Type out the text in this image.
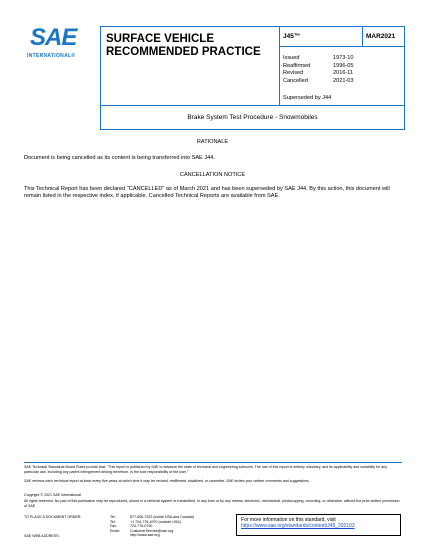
SAE
INTERNATIONAL®
SURFACE VEHICLE
RECOMMENDED PRACTICE
J45™	MAR2021
Issued	1973-10
Reaffirmed	1996-05
Revised	2016-11
Cancelled	2021-03
Superseded by J44
Brake System Test Procedure - Snowmobiles
RATIONALE
Document is being cancelled as its content is being transferred into SAE J44.
CANCELLATION NOTICE
This Technical Report has been declared "CANCELLED" as of March 2021 and has been superseded by SAE J44. By this action, this document will remain listed in the respective index, if applicable. Cancelled Technical Reports are available from SAE.
SAE Technical Standards Board Rules provide that: "This report is published by SAE to advance the state of technical and engineering sciences. The use of this report is entirely voluntary, and its applicability and suitability for any particular use, including any patent infringement arising therefrom, is the sole responsibility of the user."
SAE reviews each technical report at least every five years at which time it may be revised, reaffirmed, stabilized, or cancelled. SAE invites your written comments and suggestions.
Copyright © 2021 SAE International
All rights reserved. No part of this publication may be reproduced, stored in a retrieval system or transmitted, in any form or by any means, electronic, mechanical, photocopying, recording, or otherwise, without the prior written permission of SAE.
TO PLACE A DOCUMENT ORDER:	Tel:	877-606-7323 (inside USA and Canada)
Tel:	+1 724-776-4970 (outside USA)
Fax:	724-776-0790
Email:	CustomerService@sae.org
http://www.sae.org
For more information on this standard, visit
https://www.sae.org/standards/content/J45_202103
SAE WEB ADDRESS:
